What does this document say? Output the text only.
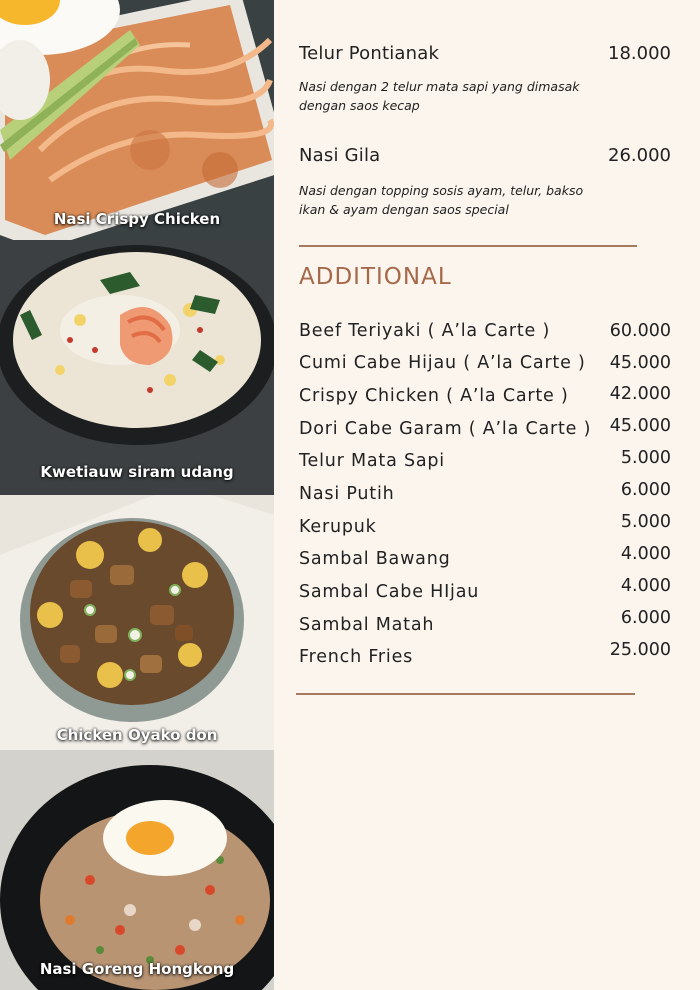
Nasi Crispy Chicken
Kwetiauw siram udang
Chicken Oyako don
Nasi Goreng Hongkong
Telur Pontianak	18.000
Nasi dengan 2 telur mata sapi yang dimasak dengan saos kecap
Nasi Gila	26.000
Nasi dengan topping sosis ayam, telur, bakso ikan & ayam dengan saos special
ADDITIONAL
Beef Teriyaki ( A’la Carte )	60.000
Cumi Cabe Hijau ( A’la Carte ) 45.000
Crispy Chicken ( A’la Carte ) 42.000
Dori Cabe Garam ( A’la Carte ) 45.000
Telur Mata Sapi	5.000
Nasi Putih	6.000
Kerupuk	5.000
Sambal Bawang	4.000
Sambal Cabe HIjau	4.000
Sambal Matah	6.000
French Fries	25.000
